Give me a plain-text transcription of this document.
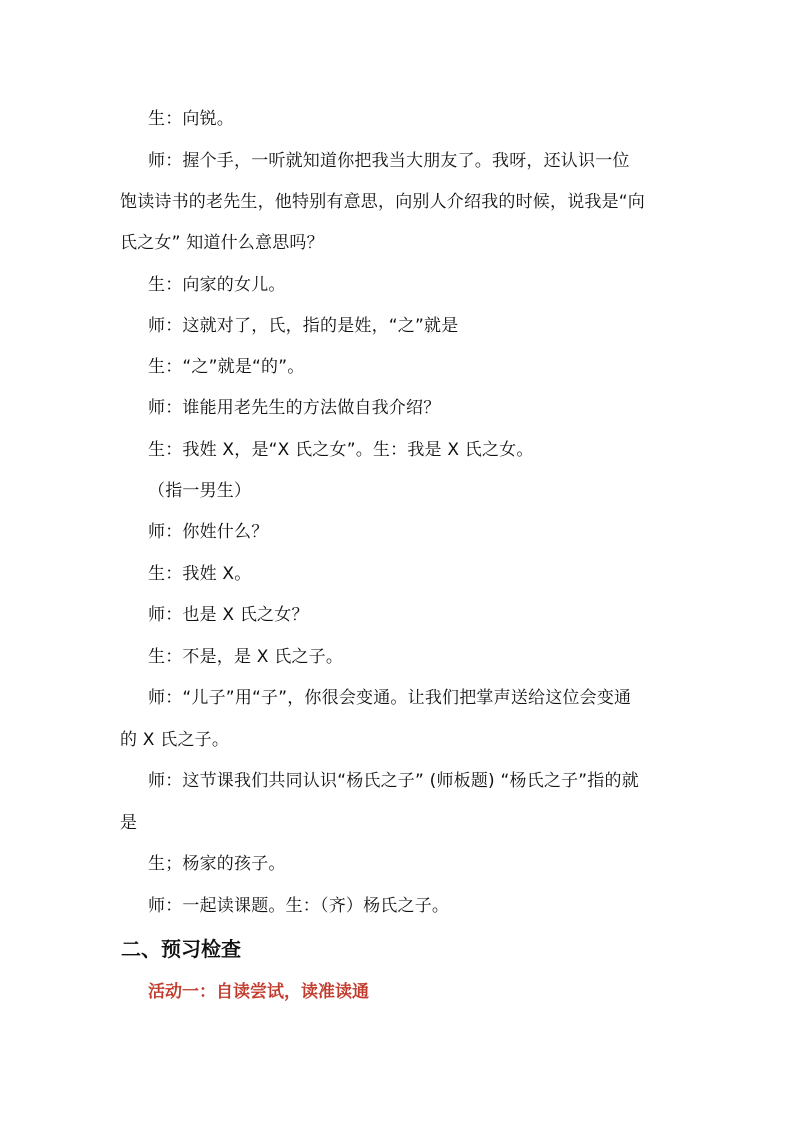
生：向锐。
师：握个手，一听就知道你把我当大朋友了。我呀，还认识一位
饱读诗书的老先生，他特别有意思，向别人介绍我的时候，说我是“向
氏之女” 知道什么意思吗？
生：向家的女儿。
师：这就对了，氏，指的是姓，“之”就是
生：“之”就是“的”。
师：谁能用老先生的方法做自我介绍？
生：我姓 X，是“X 氏之女”。生：我是 X 氏之女。
（指一男生）
师：你姓什么？
生：我姓 X。
师：也是 X 氏之女？
生：不是，是 X 氏之子。
师：“儿子”用“子”，你很会变通。让我们把掌声送给这位会变通
的 X 氏之子。
师：这节课我们共同认识“杨氏之子” (师板题) “杨氏之子”指的就
是
生；杨家的孩子。
师：一起读课题。生：（齐）杨氏之子。
二、预习检查
活动一：自读尝试，读准读通
